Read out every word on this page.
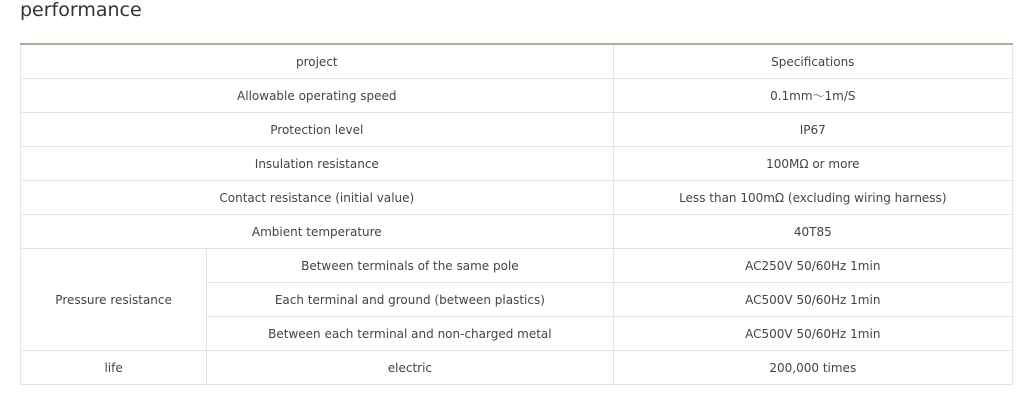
performance
project		Specifications
Allowable operating speed		0.1mm～1m/S
Protection level		IP67
Insulation resistance		100MΩ or more
Contact resistance (initial value)		Less than 100mΩ (excluding wiring harness)
Ambient temperature		40T85
Pressure resistance	Between terminals of the same pole	AC250V 50/60Hz 1min
	Each terminal and ground (between plastics)	AC500V 50/60Hz 1min
	Between each terminal and non-charged metal	AC500V 50/60Hz 1min
life	electric	200,000 times
